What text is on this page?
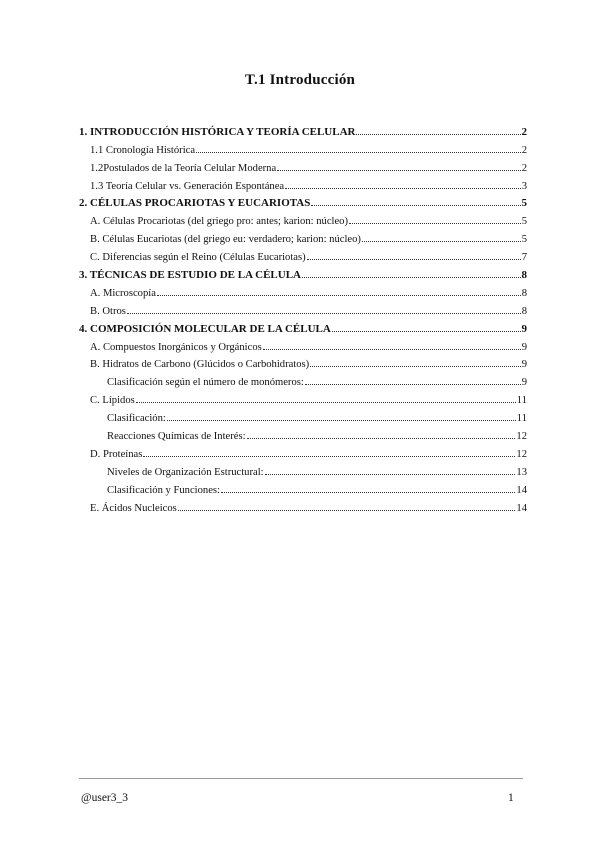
T.1 Introducción
1. INTRODUCCIÓN HISTÓRICA Y TEORÍA CELULAR	2
1.1 Cronología Histórica	2
1.2Postulados de la Teoría Celular Moderna	2
1.3 Teoría Celular vs. Generación Espontánea	3
2. CÉLULAS PROCARIOTAS Y EUCARIOTAS	5
A. Células Procariotas (del griego pro: antes; karion: núcleo)	5
B. Células Eucariotas (del griego eu: verdadero; karion: núcleo)	5
C. Diferencias según el Reino (Células Eucariotas)	7
3. TÉCNICAS DE ESTUDIO DE LA CÉLULA	8
A. Microscopía	8
B. Otros	8
4. COMPOSICIÓN MOLECULAR DE LA CÉLULA	9
A. Compuestos Inorgánicos y Orgánicos	9
B. Hidratos de Carbono (Glúcidos o Carbohidratos)	9
Clasificación según el número de monómeros:	9
C. Lípidos	11
Clasificación:	11
Reacciones Químicas de Interés:	12
D. Proteínas	12
Niveles de Organización Estructural:	13
Clasificación y Funciones:	14
E. Ácidos Nucleicos	14
@user3_3	1
